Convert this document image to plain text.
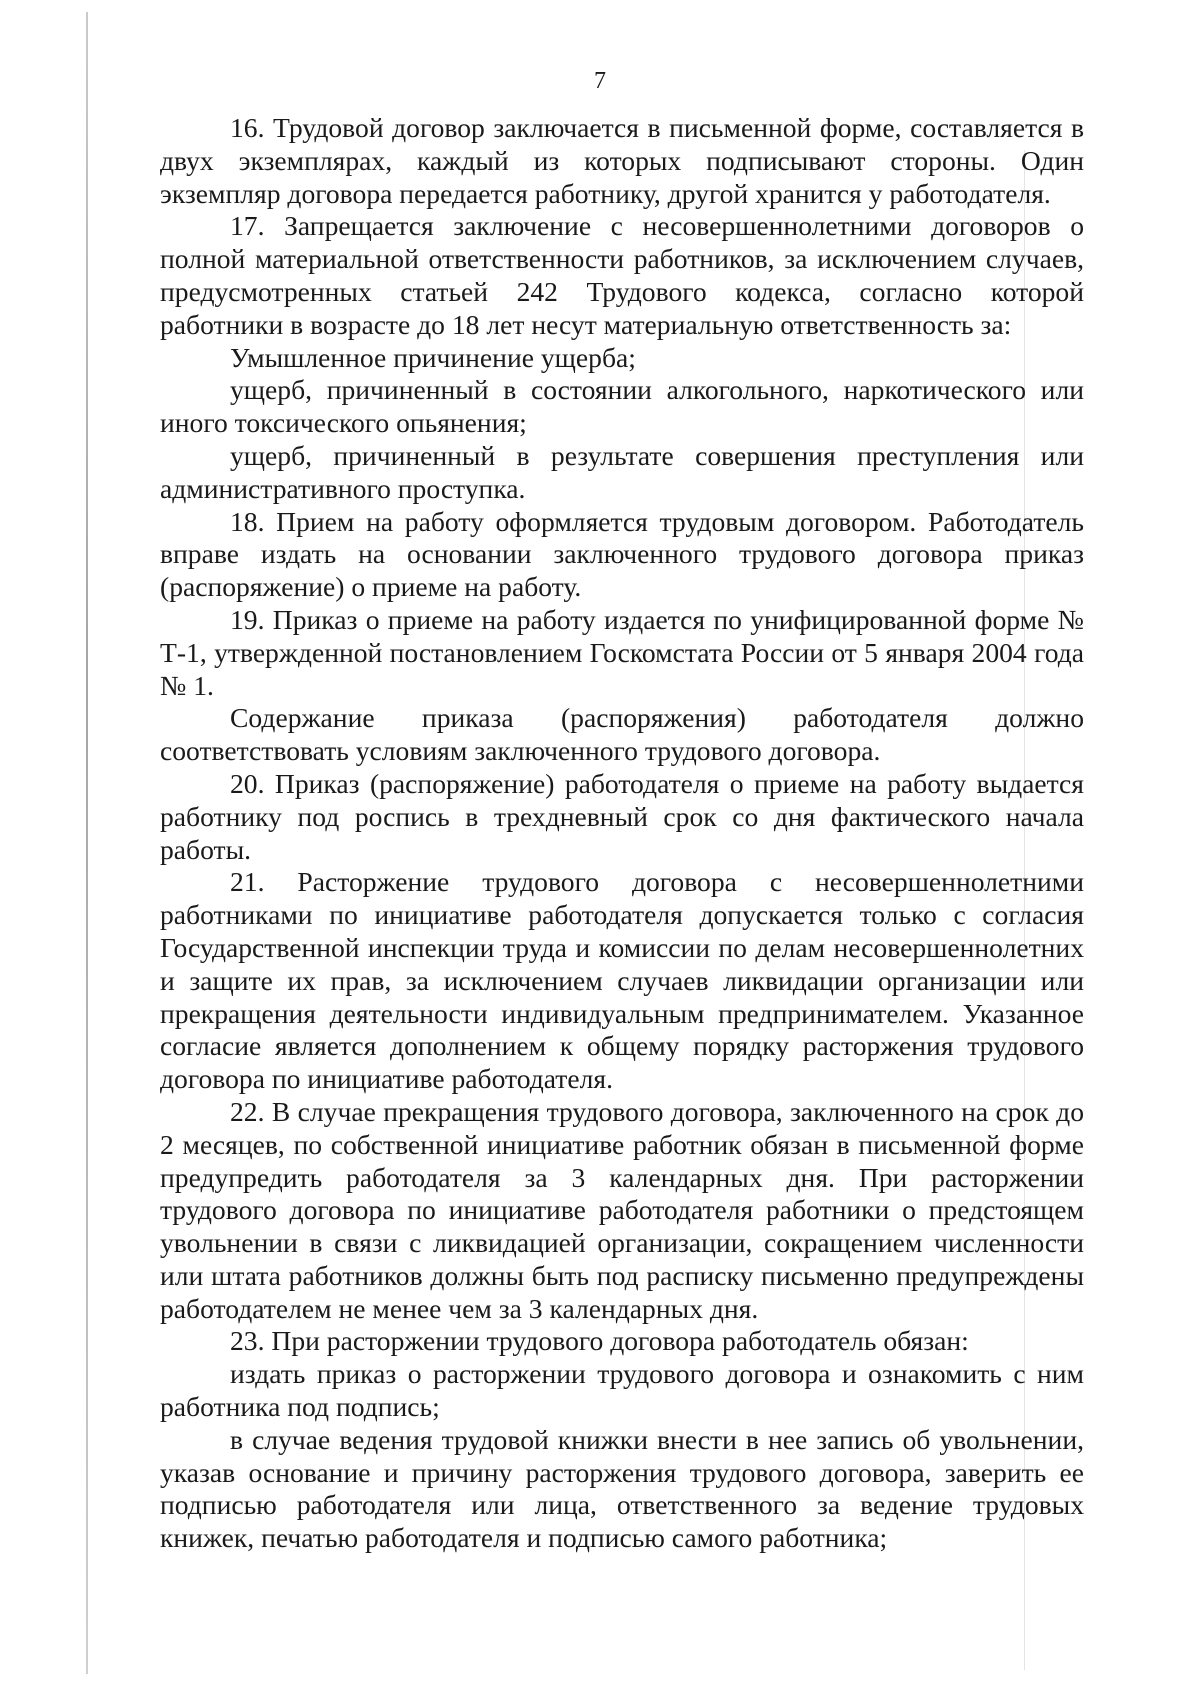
7

16. Трудовой договор заключается в письменной форме, составляется в двух экземплярах, каждый из которых подписывают стороны. Один экземпляр договора передается работнику, другой хранится у работодателя.

17. Запрещается заключение с несовершеннолетними договоров о полной материальной ответственности работников, за исключением случаев, предусмотренных статьей 242 Трудового кодекса, согласно которой работники в возрасте до 18 лет несут материальную ответственность за:

Умышленное причинение ущерба;

ущерб, причиненный в состоянии алкогольного, наркотического или иного токсического опьянения;

ущерб, причиненный в результате совершения преступления или административного проступка.

18. Прием на работу оформляется трудовым договором. Работодатель вправе издать на основании заключенного трудового договора приказ (распоряжение) о приеме на работу.

19. Приказ о приеме на работу издается по унифицированной форме № Т-1, утвержденной постановлением Госкомстата России от 5 января 2004 года № 1.

Содержание приказа (распоряжения) работодателя должно соответствовать условиям заключенного трудового договора.

20. Приказ (распоряжение) работодателя о приеме на работу выдается работнику под роспись в трехдневный срок со дня фактического начала работы.

21. Расторжение трудового договора с несовершеннолетними работниками по инициативе работодателя допускается только с согласия Государственной инспекции труда и комиссии по делам несовершеннолетних и защите их прав, за исключением случаев ликвидации организации или прекращения деятельности индивидуальным предпринимателем. Указанное согласие является дополнением к общему порядку расторжения трудового договора по инициативе работодателя.

22. В случае прекращения трудового договора, заключенного на срок до 2 месяцев, по собственной инициативе работник обязан в письменной форме предупредить работодателя за 3 календарных дня. При расторжении трудового договора по инициативе работодателя работники о предстоящем увольнении в связи с ликвидацией организации, сокращением численности или штата работников должны быть под расписку письменно предупреждены работодателем не менее чем за 3 календарных дня.

23. При расторжении трудового договора работодатель обязан:

издать приказ о расторжении трудового договора и ознакомить с ним работника под подпись;

в случае ведения трудовой книжки внести в нее запись об увольнении, указав основание и причину расторжения трудового договора, заверить ее подписью работодателя или лица, ответственного за ведение трудовых книжек, печатью работодателя и подписью самого работника;
